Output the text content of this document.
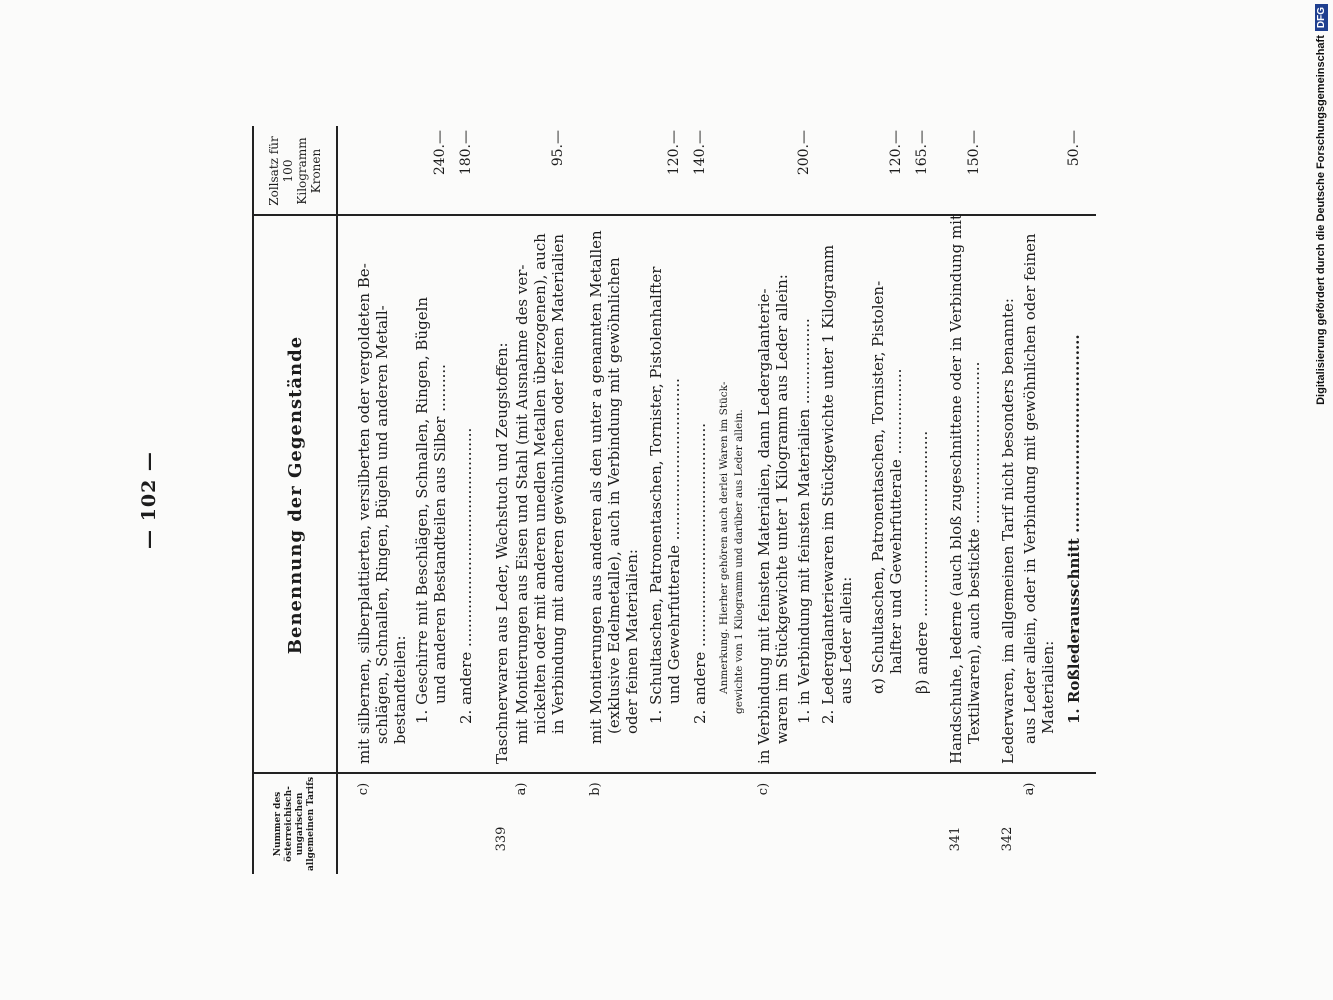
— 102 —
Nummer des österreichisch-ungarischen allgemeinen Tarifs
Benennung der Gegenstände
Zollsatz für 100 Kilogramm Kronen
c)
mit silbernen, silberplattierten, versilberten oder vergoldeten Be- schlägen, Schnallen, Ringen, Bügeln und anderen Metall- bestandteilen: 1. Geschirre mit Beschlägen, Schnallen, Ringen, Bügeln und anderen Bestandteilen aus Silber ..........
240.—
2. andere ..............................................
180.—
339
Taschnerwaren aus Leder, Wachstuch und Zeugstoffen:
a)
mit Montierungen aus Eisen und Stahl (mit Ausnahme des ver- nickelten oder mit anderen unedlen Metallen überzogenen), auch in Verbindung mit anderen gewöhnlichen oder feinen Materialien
95.—
b)
mit Montierungen aus anderen als den unter a genannten Metallen (exklusive Edelmetalle), auch in Verbindung mit gewöhnlichen oder feinen Materialien: 1. Schultaschen, Patronentaschen, Tornister, Pistolenhalfter und Gewehrfutterale ..................................
120.—
2. andere ...............................................
140.—
Anmerkung. Hierher gehören auch derlei Waren im Stück- gewichte von 1 Kilogramm und darüber aus Leder allein.
c)
in Verbindung mit feinsten Materialien, dann Ledergalanterie- waren im Stückgewichte unter 1 Kilogramm aus Leder allein: 1. in Verbindung mit feinsten Materialien ..................
200.—
2. Ledergalanteriewaren im Stückgewichte unter 1 Kilogramm aus Leder allein: α) Schultaschen, Patronentaschen, Tornister, Pistolen- halfter und Gewehrfutterale ..................
120.—
β) andere .......................................
165.—
341
Handschuhe, lederne (auch bloß zugeschnittene oder in Verbindung mit Textilwaren), auch bestickte ..................................
150.—
342
Lederwaren, im allgemeinen Tarif nicht besonders benannte:
a)
aus Leder allein, oder in Verbindung mit gewöhnlichen oder feinen Materialien: 1. Roßlederausschnitt ......................................
50.—	Digitalisierung gefördert durch die Deutsche Forschungsgemeinschaft
DFG
